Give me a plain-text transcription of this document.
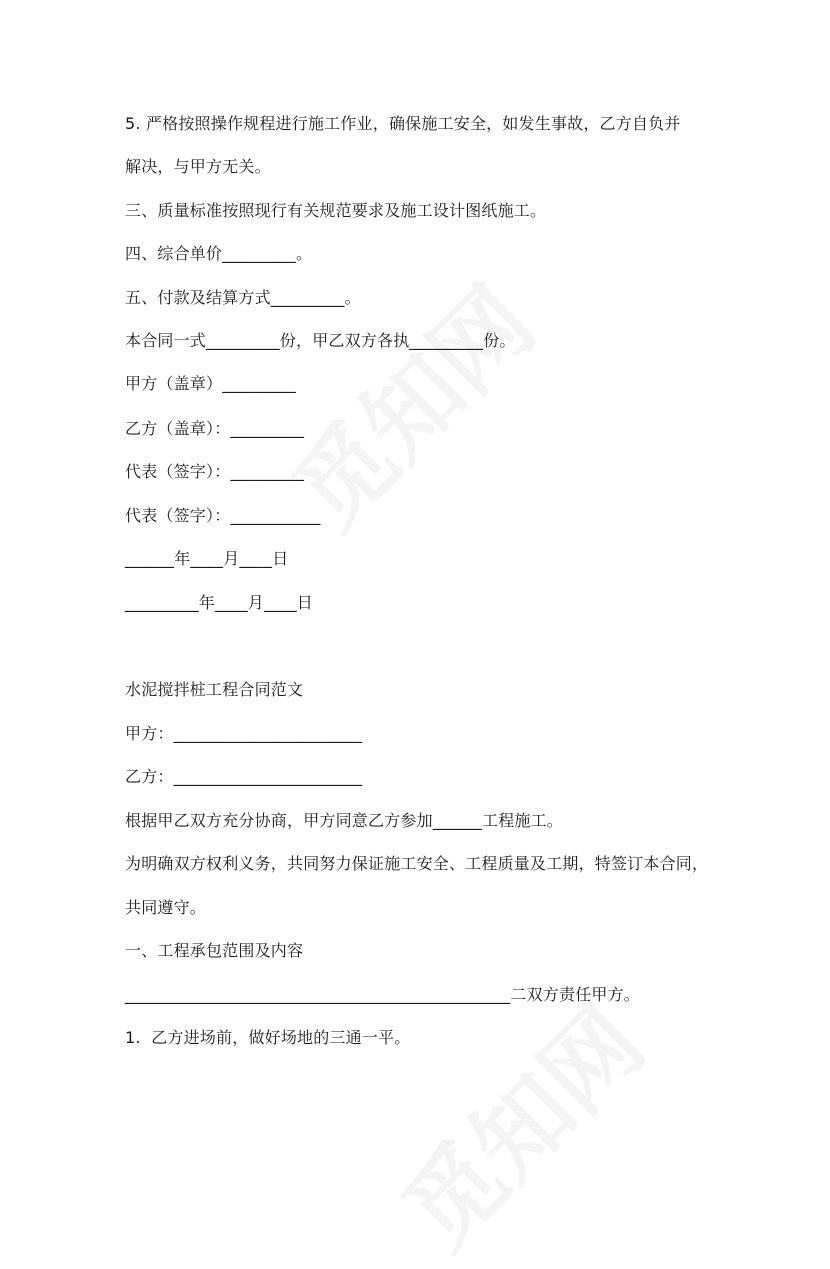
5. 严格按照操作规程进行施工作业，确保施工安全，如发生事故，乙方自负并
解决，与甲方无关。
三、质量标准按照现行有关规范要求及施工设计图纸施工。
四、综合单价_________。
五、付款及结算方式_________。
本合同一式_________份，甲乙双方各执_________份。
甲方（盖章）_________
乙方（盖章）：_________
代表（签字）：_________
代表（签字）：___________
______年____月____日
_________年____月____日
水泥搅拌桩工程合同范文
甲方：_______________________
乙方：_______________________
根据甲乙双方充分协商，甲方同意乙方参加______工程施工。
为明确双方权利义务，共同努力保证施工安全、工程质量及工期，特签订本合同，
共同遵守。
一、工程承包范围及内容
_______________________________________________二双方责任甲方。
1.  乙方进场前，做好场地的三通一平。
